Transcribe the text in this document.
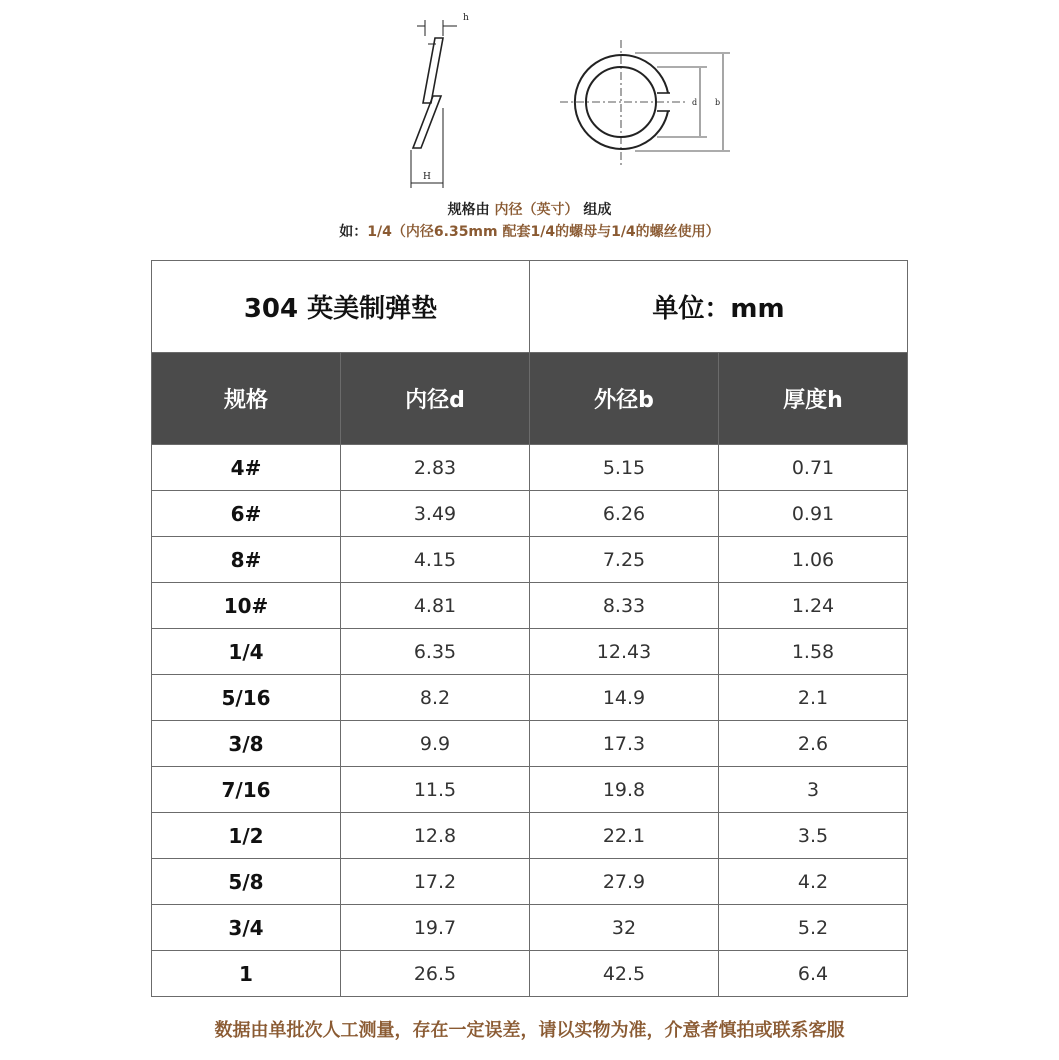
h
H
d b
规格由 内径（英寸） 组成
如：1/4（内径6.35mm 配套1/4的螺母与1/4的螺丝使用）
304 英美制弹垫		单位：mm	
规格	内径d	外径b	厚度h
4#	2.83	5.15	0.71
6#	3.49	6.26	0.91
8#	4.15	7.25	1.06
10#	4.81	8.33	1.24
1/4	6.35	12.43	1.58
5/16	8.2	14.9	2.1
3/8	9.9	17.3	2.6
7/16	11.5	19.8	3
1/2	12.8	22.1	3.5
5/8	17.2	27.9	4.2
3/4	19.7	32	5.2
1	26.5	42.5	6.4
数据由单批次人工测量，存在一定误差，请以实物为准，介意者慎拍或联系客服
